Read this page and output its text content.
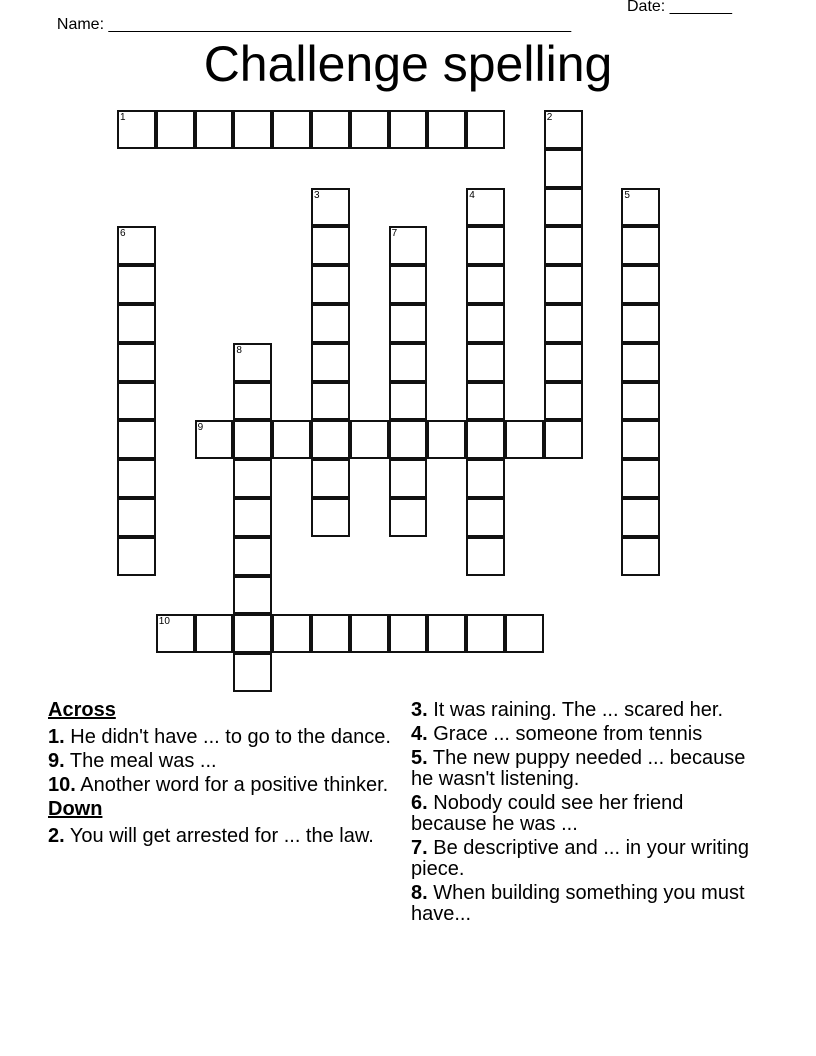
Name: ____________________________________________________

Date: _______

Challenge spelling
1	2
3	4	5
6	7
8
9
10
Across
1. He didn't have ... to go to the dance.
9. The meal was ...
10. Another word for a positive thinker.
Down
2. You will get arrested for ... the law.
3. It was raining. The ... scared her.
4. Grace ... someone from tennis
5. The new puppy needed ... because he wasn't listening.
6. Nobody could see her friend because he was ...
7. Be descriptive and ... in your writing piece.
8. When building something you must have...
